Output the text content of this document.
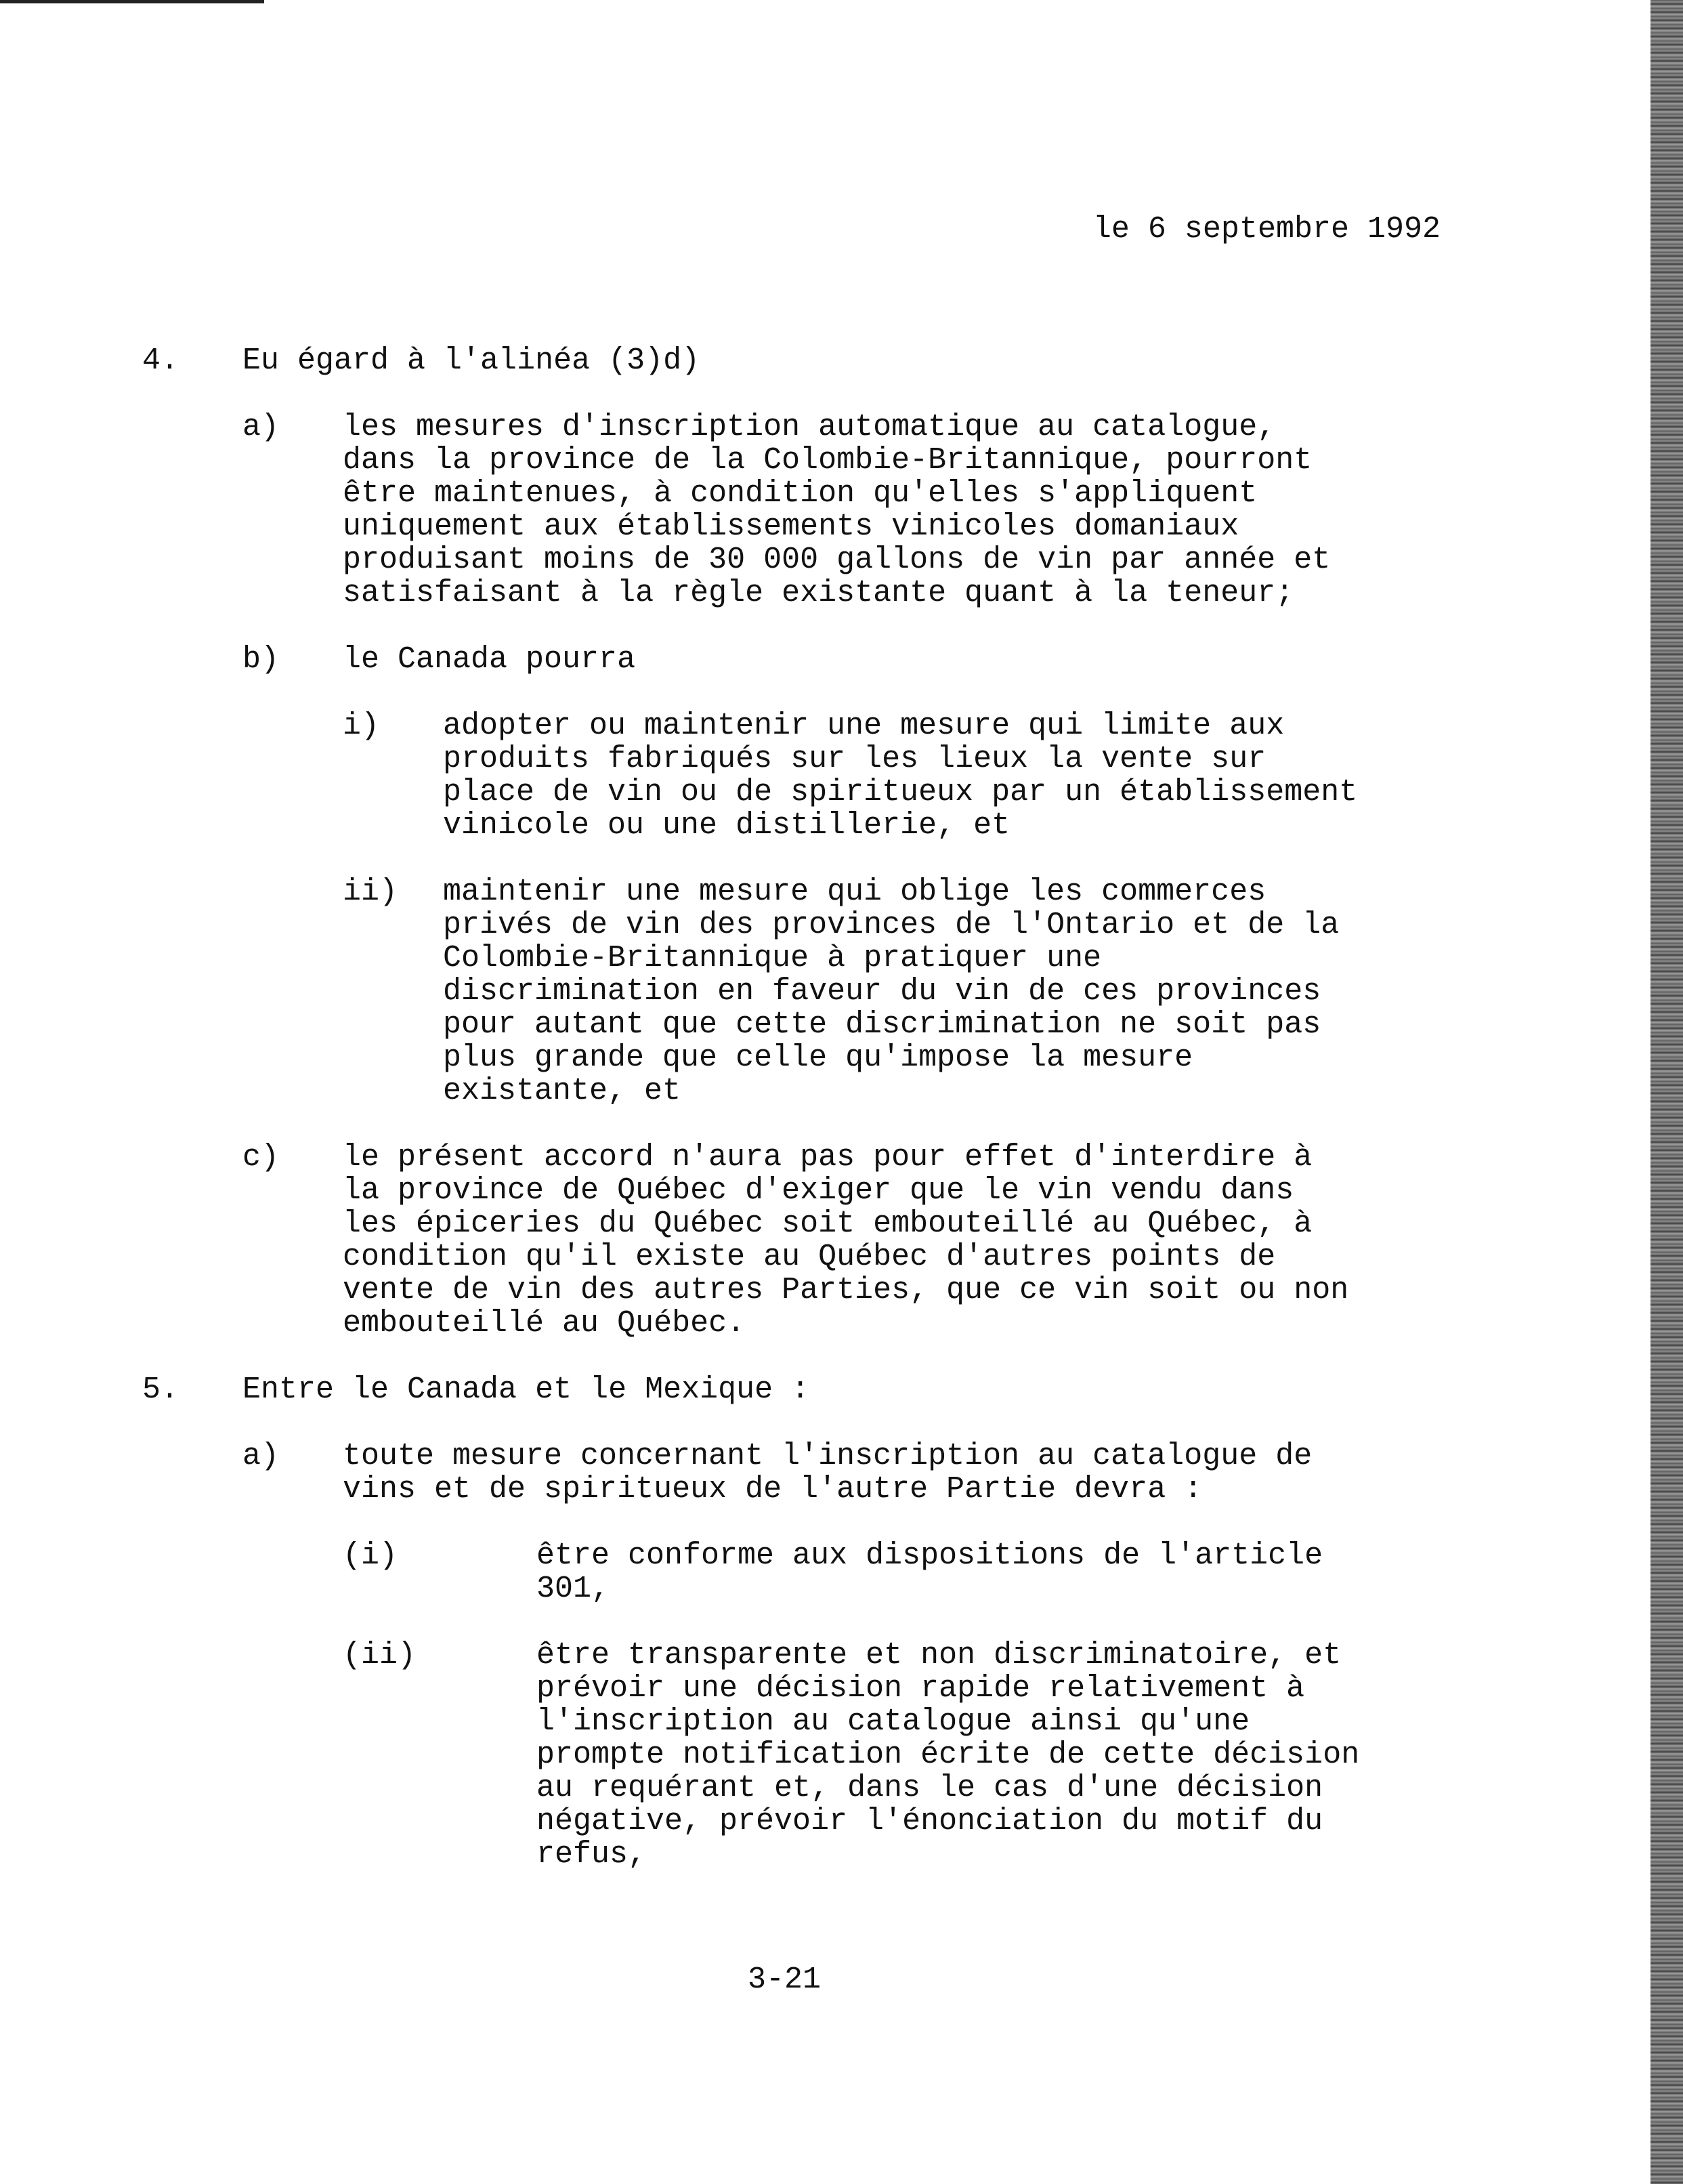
le 6 septembre 1992
4. Eu égard à l'alinéa (3)d)
a) les mesures d'inscription automatique au catalogue,
dans la province de la Colombie-Britannique, pourront
être maintenues, à condition qu'elles s'appliquent
uniquement aux établissements vinicoles domaniaux
produisant moins de 30 000 gallons de vin par année et
satisfaisant à la règle existante quant à la teneur;
b) le Canada pourra
i) adopter ou maintenir une mesure qui limite aux
produits fabriqués sur les lieux la vente sur
place de vin ou de spiritueux par un établissement
vinicole ou une distillerie, et
ii) maintenir une mesure qui oblige les commerces
privés de vin des provinces de l'Ontario et de la
Colombie-Britannique à pratiquer une
discrimination en faveur du vin de ces provinces
pour autant que cette discrimination ne soit pas
plus grande que celle qu'impose la mesure
existante, et
c) le présent accord n'aura pas pour effet d'interdire à
la province de Québec d'exiger que le vin vendu dans
les épiceries du Québec soit embouteillé au Québec, à
condition qu'il existe au Québec d'autres points de
vente de vin des autres Parties, que ce vin soit ou non
embouteillé au Québec.
5. Entre le Canada et le Mexique :
a) toute mesure concernant l'inscription au catalogue de
vins et de spiritueux de l'autre Partie devra :
(i)	être conforme aux dispositions de l'article
301,
(ii)	être transparente et non discriminatoire, et
prévoir une décision rapide relativement à
l'inscription au catalogue ainsi qu'une
prompte notification écrite de cette décision
au requérant et, dans le cas d'une décision
négative, prévoir l'énonciation du motif du
refus,
3-21
